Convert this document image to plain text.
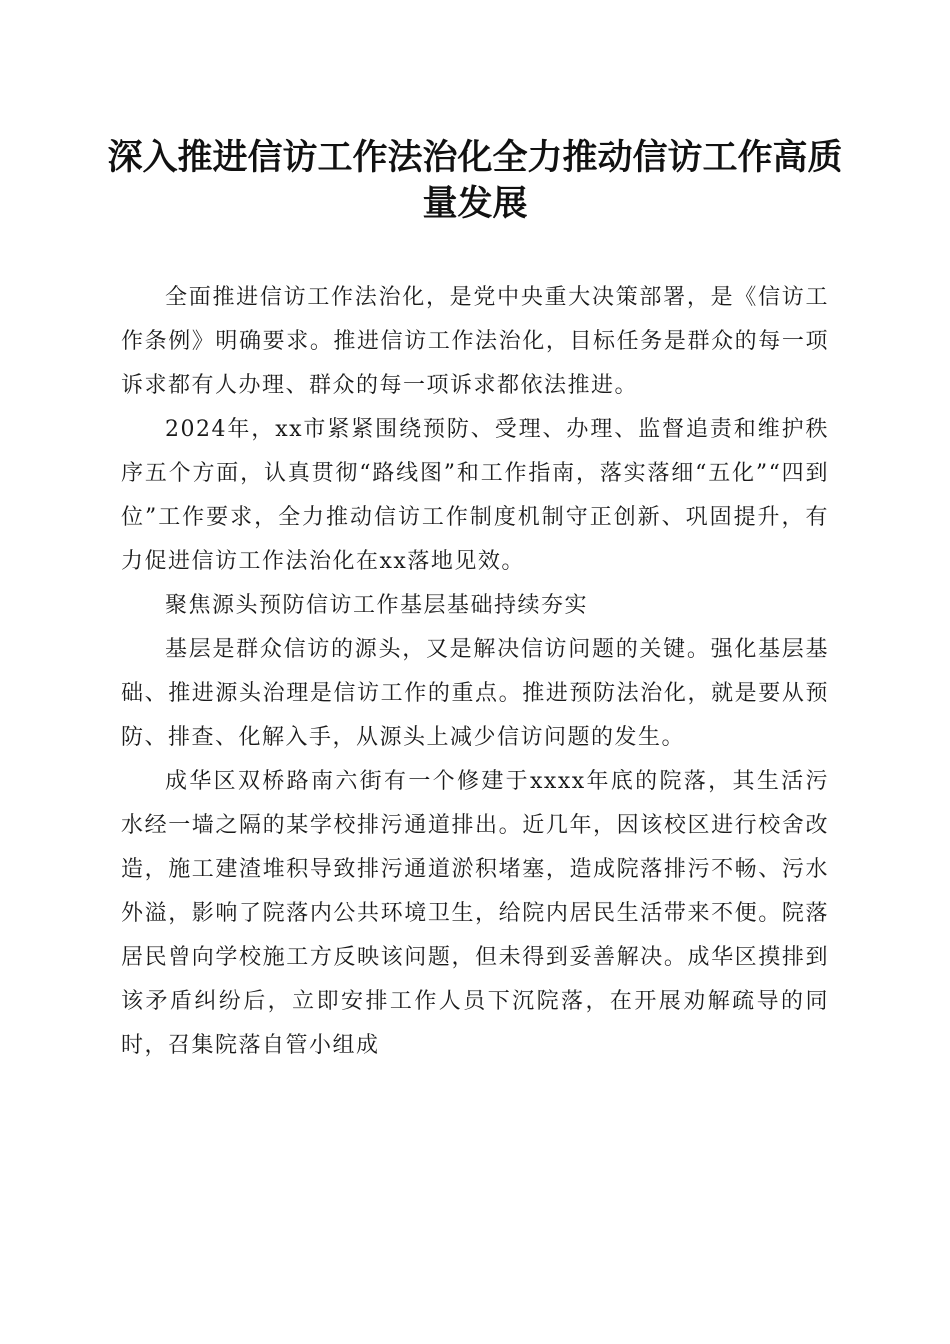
深入推进信访工作法治化全力推动信访工作高质量发展

全面推进信访工作法治化，是党中央重大决策部署，是《信访工作条例》明确要求。推进信访工作法治化，目标任务是群众的每一项诉求都有人办理、群众的每一项诉求都依法推进。

2024年，xx市紧紧围绕预防、受理、办理、监督追责和维护秩序五个方面，认真贯彻“路线图”和工作指南，落实落细“五化”“四到位”工作要求，全力推动信访工作制度机制守正创新、巩固提升，有力促进信访工作法治化在xx落地见效。

聚焦源头预防信访工作基层基础持续夯实

基层是群众信访的源头，又是解决信访问题的关键。强化基层基础、推进源头治理是信访工作的重点。推进预防法治化，就是要从预防、排查、化解入手，从源头上减少信访问题的发生。

成华区双桥路南六街有一个修建于xxxx年底的院落，其生活污水经一墙之隔的某学校排污通道排出。近几年，因该校区进行校舍改造，施工建渣堆积导致排污通道淤积堵塞，造成院落排污不畅、污水外溢，影响了院落内公共环境卫生，给院内居民生活带来不便。院落居民曾向学校施工方反映该问题，但未得到妥善解决。成华区摸排到该矛盾纠纷后，立即安排工作人员下沉院落，在开展劝解疏导的同时，召集院落自管小组成
